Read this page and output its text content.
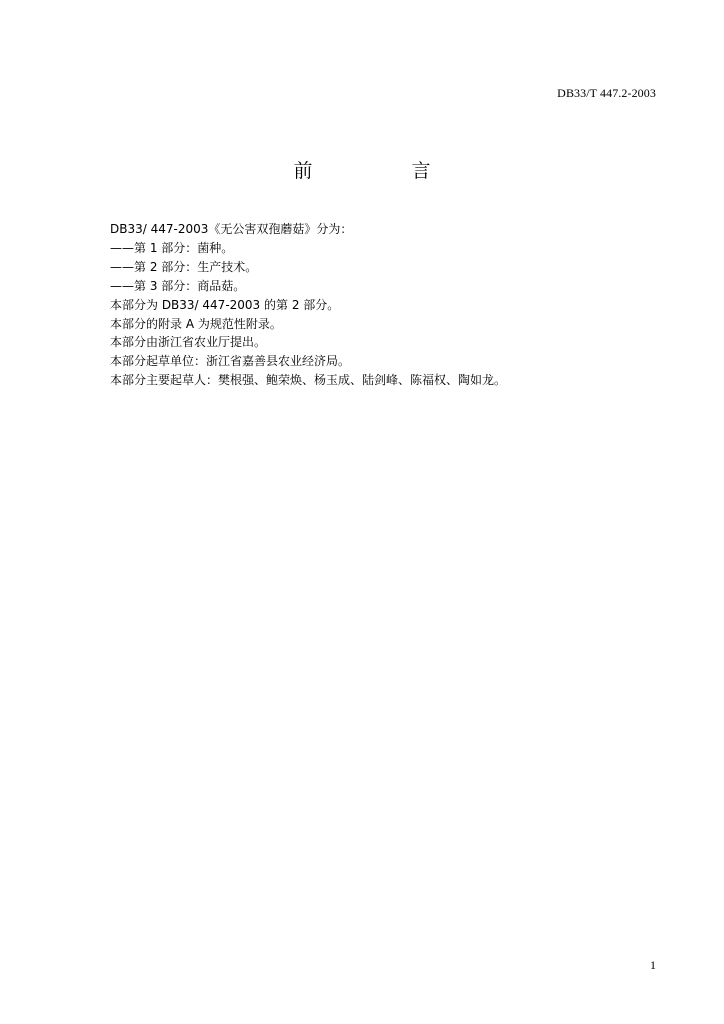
DB33/T 447.2-2003
前　言
DB33/ 447-2003《无公害双孢蘑菇》分为：
——第 1 部分：菌种。
——第 2 部分：生产技术。
——第 3 部分：商品菇。
本部分为 DB33/ 447-2003 的第 2 部分。
本部分的附录 A 为规范性附录。
本部分由浙江省农业厅提出。
本部分起草单位：浙江省嘉善县农业经济局。
本部分主要起草人：樊根强、鲍荣焕、杨玉成、陆剑峰、陈福权、陶如龙。
1
